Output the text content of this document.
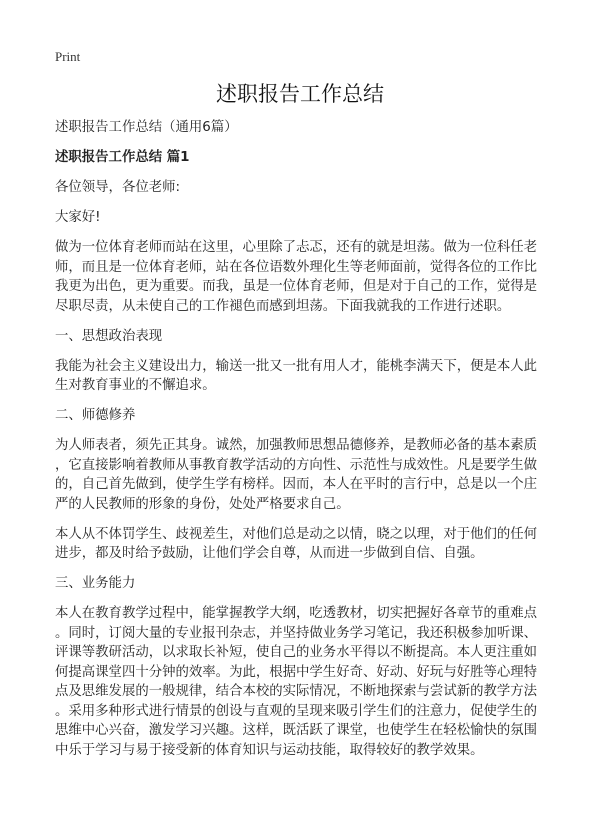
Print
述职报告工作总结

述职报告工作总结（通用6篇）

述职报告工作总结 篇1

各位领导，各位老师:

大家好!

做为一位体育老师而站在这里，心里除了忐忑，还有的就是坦荡。做为一位科任老
师，而且是一位体育老师，站在各位语数外理化生等老师面前，觉得各位的工作比
我更为出色，更为重要。而我，虽是一位体育老师，但是对于自己的工作，觉得是
尽职尽责，从未使自己的工作褪色而感到坦荡。下面我就我的工作进行述职。

一、思想政治表现

我能为社会主义建设出力，输送一批又一批有用人才，能桃李满天下，便是本人此
生对教育事业的不懈追求。

二、师德修养

为人师表者，须先正其身。诚然，加强教师思想品德修养，是教师必备的基本素质
，它直接影响着教师从事教育教学活动的方向性、示范性与成效性。凡是要学生做
的，自己首先做到，使学生学有榜样。因而，本人在平时的言行中，总是以一个庄
严的人民教师的形象的身份，处处严格要求自己。

本人从不体罚学生、歧视差生，对他们总是动之以情，晓之以理，对于他们的任何
进步，都及时给予鼓励，让他们学会自尊，从而进一步做到自信、自强。

三、业务能力

本人在教育教学过程中，能掌握教学大纲，吃透教材，切实把握好各章节的重难点
。同时，订阅大量的专业报刊杂志，并坚持做业务学习笔记，我还积极参加听课、
评课等教研活动，以求取长补短，使自己的业务水平得以不断提高。本人更注重如
何提高课堂四十分钟的效率。为此，根据中学生好奇、好动、好玩与好胜等心理特
点及思维发展的一般规律，结合本校的实际情况，不断地探索与尝试新的教学方法
。采用多种形式进行情景的创设与直观的呈现来吸引学生们的注意力，促使学生的
思维中心兴奋，激发学习兴趣。这样，既活跃了课堂，也使学生在轻松愉快的氛围
中乐于学习与易于接受新的体育知识与运动技能，取得较好的教学效果。
